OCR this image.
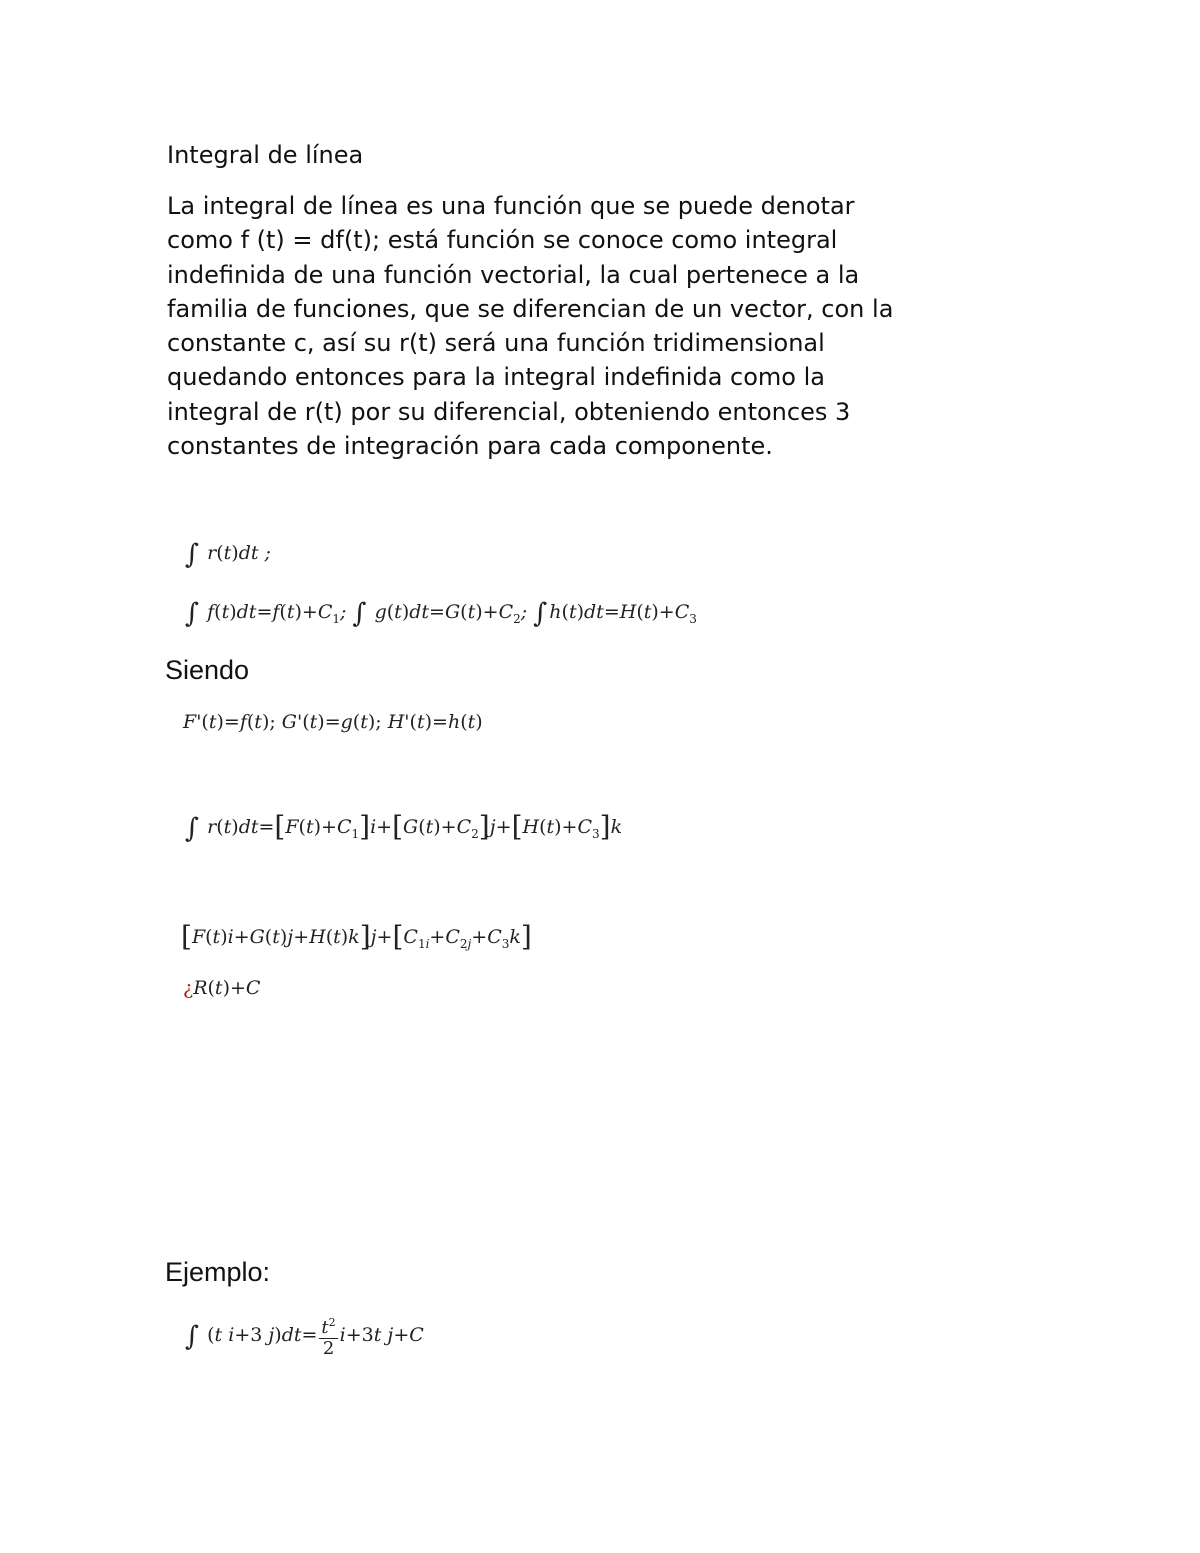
Integral de línea
La integral de línea es una función que se puede denotar
como f (t) = df(t); está función se conoce como integral
indefinida de una función vectorial, la cual pertenece a la
familia de funciones, que se diferencian de un vector, con la
constante c, así su r(t) será una función tridimensional
quedando entonces para la integral indefinida como la
integral de r(t) por su diferencial, obteniendo entonces 3
constantes de integración para cada componente.
∫ r(t)dt ;
∫ $f(t)dt=f(t)+C_1$; ∫ $g(t)dt=G(t)+C_2$; ∫ $h(t)dt=H(t)+C_3$
Siendo
F'(t)=f(t); G'(t)=g(t); H'(t)=h(t)
∫ $r(t)dt=[F(t)+C_1]i+[G(t)+C_2]j+[H(t)+C_3]k$
$[F(t)i+G(t)j+H(t)k]j+[C_{1i}+C_{2j}+C_3k]$
¿R(t)+C
Ejemplo:
∫ (t i+3 $j)dt= \frac{t^2}{2} i+3t$ j+C
